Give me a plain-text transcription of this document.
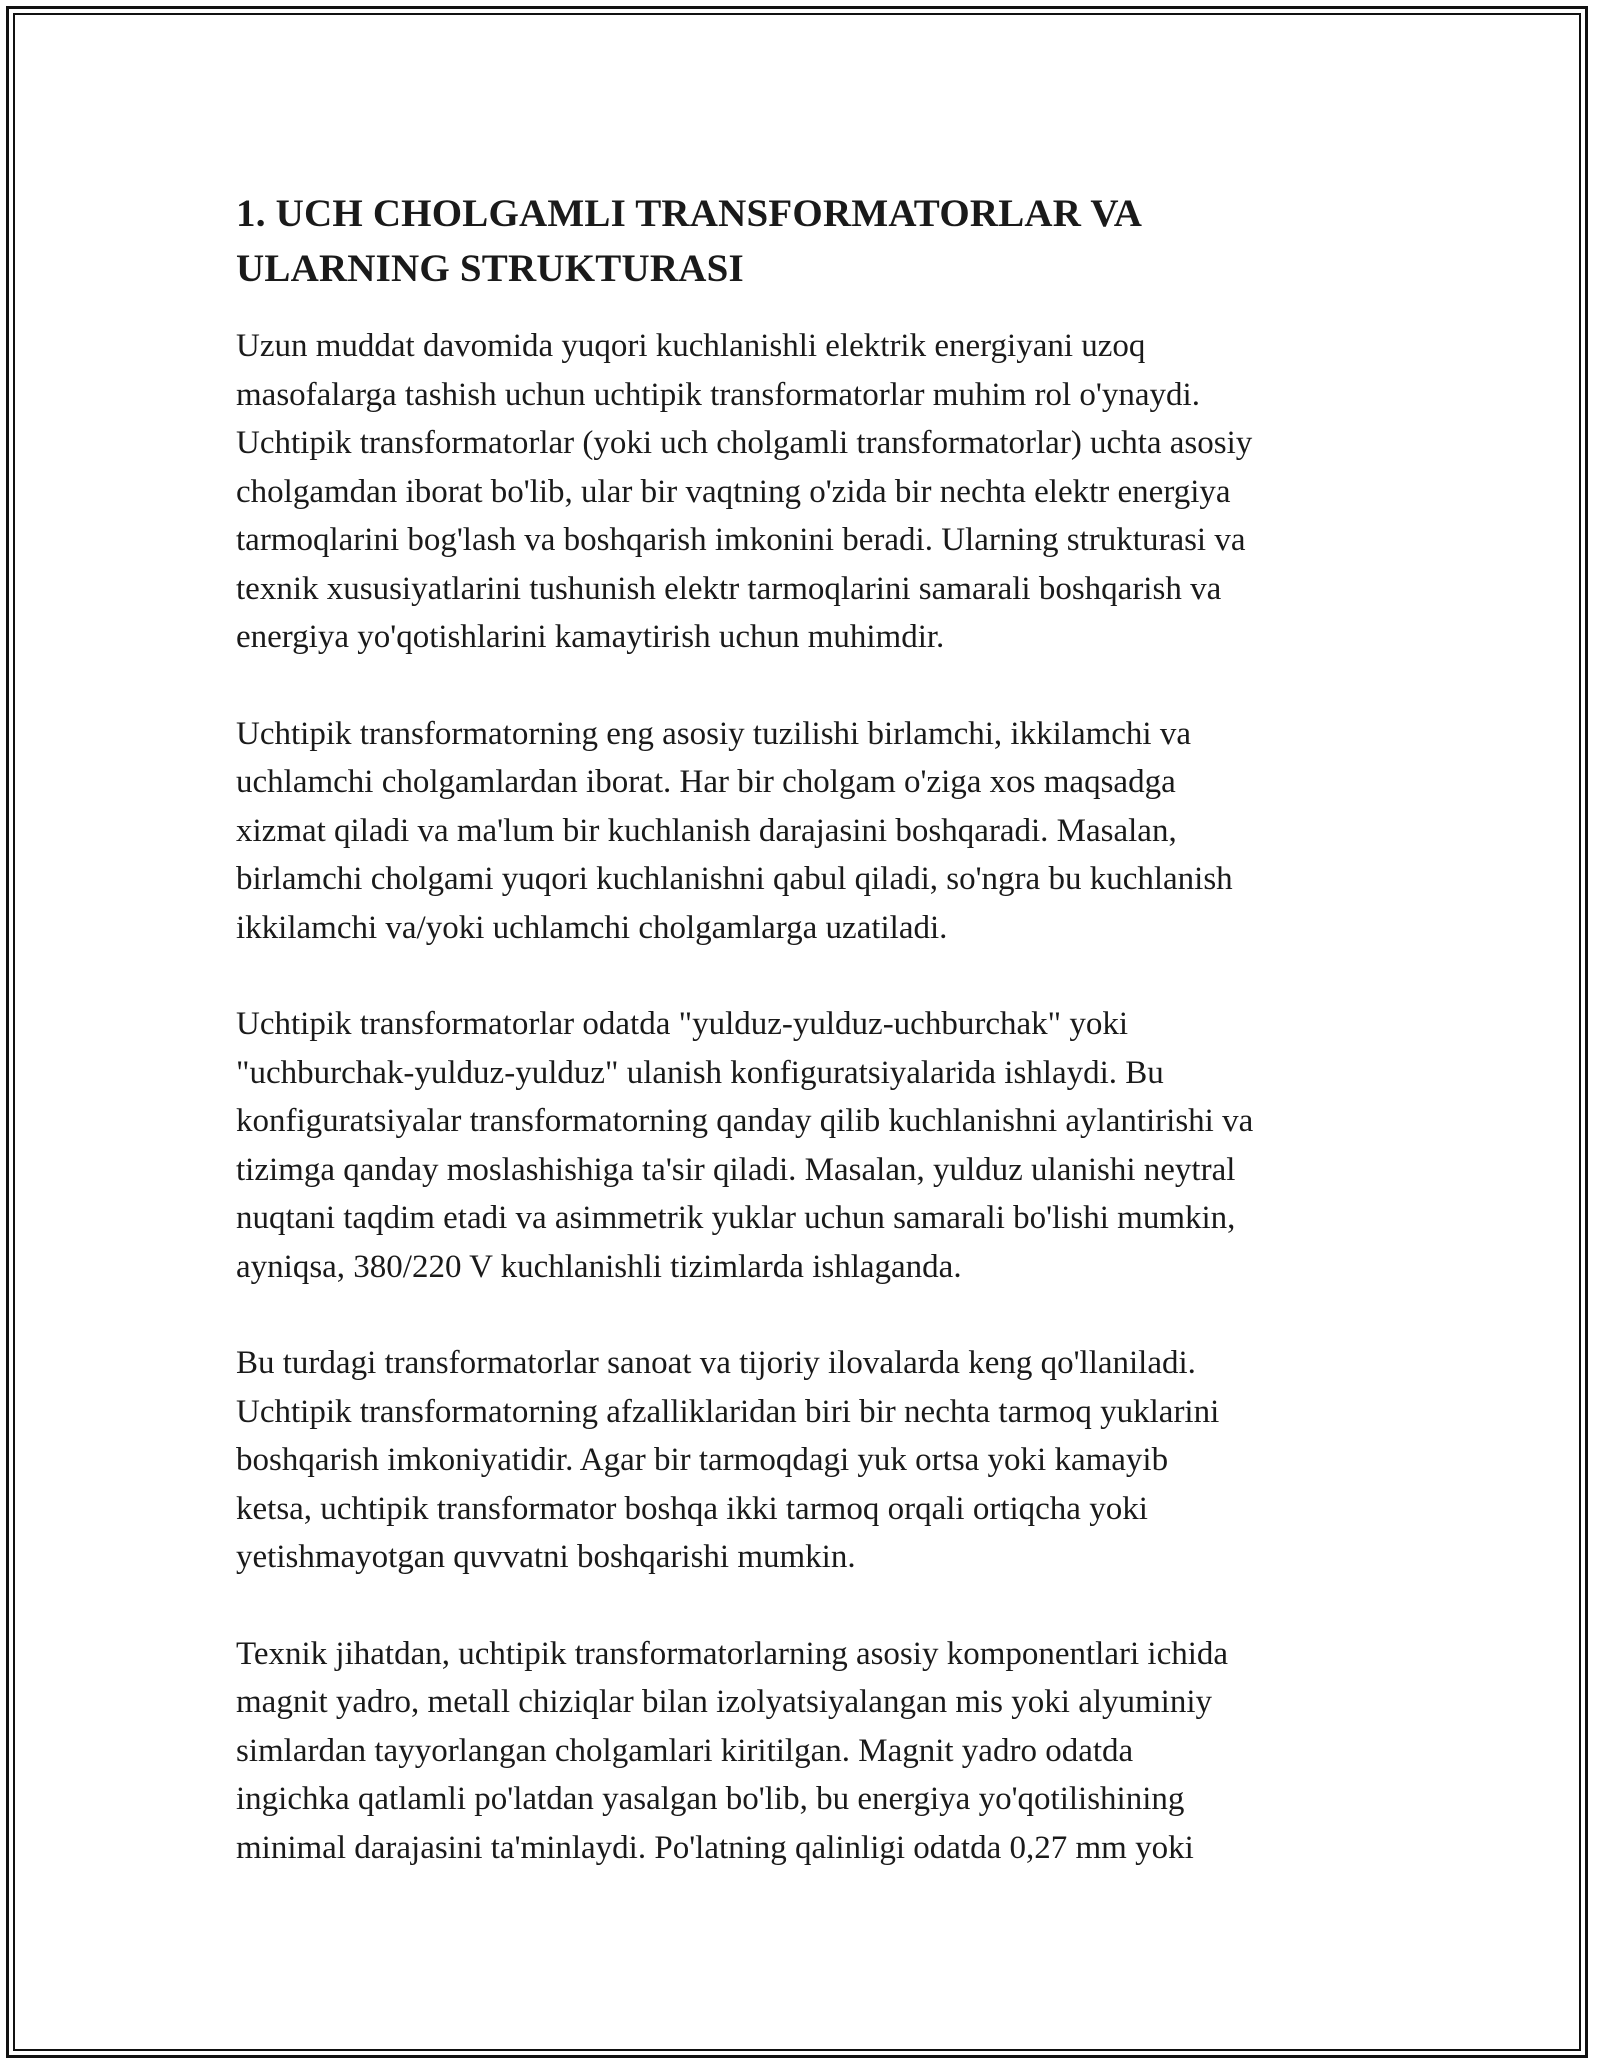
1. UCH CHOLGAMLI TRANSFORMATORLAR VA
ULARNING STRUKTURASI

Uzun muddat davomida yuqori kuchlanishli elektrik energiyani uzoq
masofalarga tashish uchun uchtipik transformatorlar muhim rol o'ynaydi.
Uchtipik transformatorlar (yoki uch cholgamli transformatorlar) uchta asosiy
cholgamdan iborat bo'lib, ular bir vaqtning o'zida bir nechta elektr energiya
tarmoqlarini bog'lash va boshqarish imkonini beradi. Ularning strukturasi va
texnik xususiyatlarini tushunish elektr tarmoqlarini samarali boshqarish va
energiya yo'qotishlarini kamaytirish uchun muhimdir.

Uchtipik transformatorning eng asosiy tuzilishi birlamchi, ikkilamchi va
uchlamchi cholgamlardan iborat. Har bir cholgam o'ziga xos maqsadga
xizmat qiladi va ma'lum bir kuchlanish darajasini boshqaradi. Masalan,
birlamchi cholgami yuqori kuchlanishni qabul qiladi, so'ngra bu kuchlanish
ikkilamchi va/yoki uchlamchi cholgamlarga uzatiladi.

Uchtipik transformatorlar odatda "yulduz-yulduz-uchburchak" yoki
"uchburchak-yulduz-yulduz" ulanish konfiguratsiyalarida ishlaydi. Bu
konfiguratsiyalar transformatorning qanday qilib kuchlanishni aylantirishi va
tizimga qanday moslashishiga ta'sir qiladi. Masalan, yulduz ulanishi neytral
nuqtani taqdim etadi va asimmetrik yuklar uchun samarali bo'lishi mumkin,
ayniqsa, 380/220 V kuchlanishli tizimlarda ishlaganda.

Bu turdagi transformatorlar sanoat va tijoriy ilovalarda keng qo'llaniladi.
Uchtipik transformatorning afzalliklaridan biri bir nechta tarmoq yuklarini
boshqarish imkoniyatidir. Agar bir tarmoqdagi yuk ortsa yoki kamayib
ketsa, uchtipik transformator boshqa ikki tarmoq orqali ortiqcha yoki
yetishmayotgan quvvatni boshqarishi mumkin.

Texnik jihatdan, uchtipik transformatorlarning asosiy komponentlari ichida
magnit yadro, metall chiziqlar bilan izolyatsiyalangan mis yoki alyuminiy
simlardan tayyorlangan cholgamlari kiritilgan. Magnit yadro odatda
ingichka qatlamli po'latdan yasalgan bo'lib, bu energiya yo'qotilishining
minimal darajasini ta'minlaydi. Po'latning qalinligi odatda 0,27 mm yoki
